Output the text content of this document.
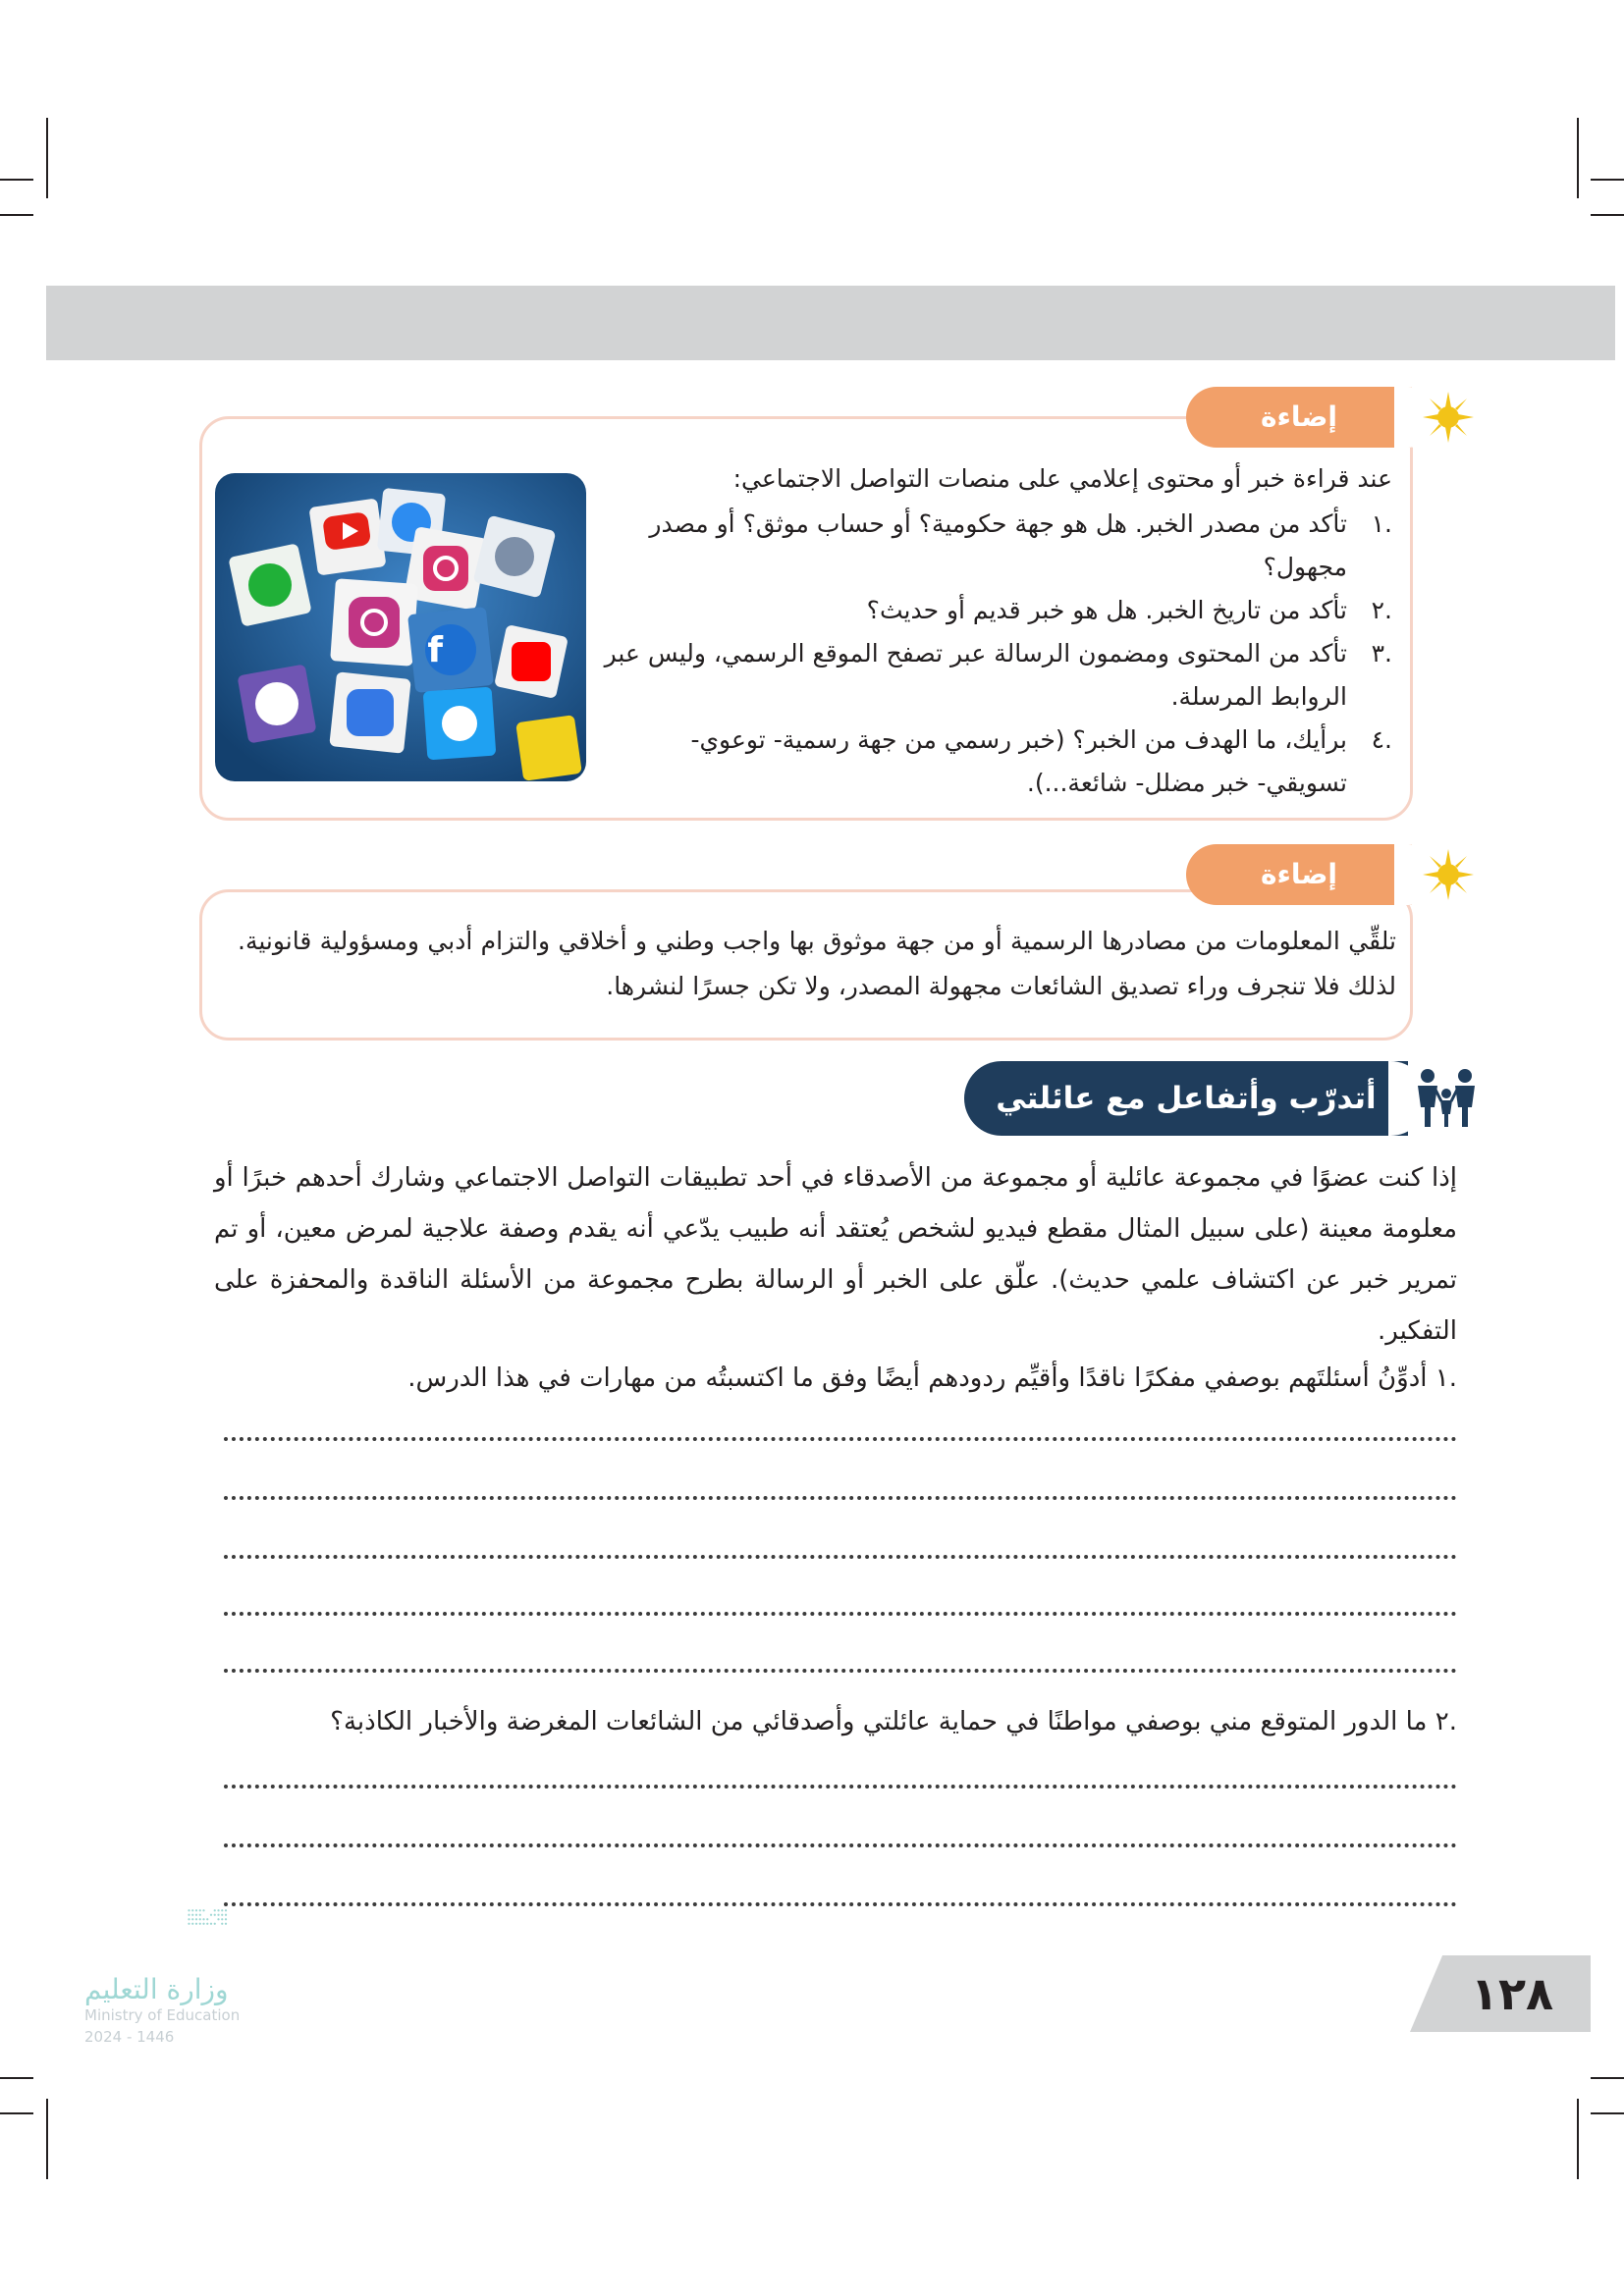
إضاءة
عند قراءة خبر أو محتوى إعلامي على منصات التواصل الاجتماعي:
.١
تأكد من مصدر الخبر. هل هو جهة حكومية؟ أو حساب موثق؟ أو مصدر مجهول؟
.٢
تأكد من تاريخ الخبر. هل هو خبر قديم أو حديث؟
.٣
تأكد من المحتوى ومضمون الرسالة عبر تصفح الموقع الرسمي، وليس عبر الروابط المرسلة.
.٤
برأيك، ما الهدف من الخبر؟ (خبر رسمي من جهة رسمية- توعوي- تسويقي- خبر مضلل- شائعة...).
f
إضاءة
تلقِّي المعلومات من مصادرها الرسمية أو من جهة موثوق بها واجب وطني و أخلاقي والتزام أدبي ومسؤولية قانونية. لذلك فلا تنجرف وراء تصديق الشائعات مجهولة المصدر، ولا تكن جسرًا لنشرها.
أتدرّب وأتفاعل مع عائلتي
إذا كنت عضوًا في مجموعة عائلية أو مجموعة من الأصدقاء في أحد تطبيقات التواصل الاجتماعي وشارك أحدهم خبرًا أو معلومة معينة (على سبيل المثال مقطع فيديو لشخص يُعتقد أنه طبيب يدّعي أنه يقدم وصفة علاجية لمرض معين، أو تم تمرير خبر عن اكتشاف علمي حديث). علّق على الخبر أو الرسالة بطرح مجموعة من الأسئلة الناقدة والمحفزة على التفكير.
.١ أدوِّنُ أسئلتَهم بوصفي مفكرًا ناقدًا وأقيِّم ردودهم أيضًا وفق ما اكتسبتُه من مهارات في هذا الدرس.
.٢ ما الدور المتوقع مني بوصفي مواطنًا في حماية عائلتي وأصدقائي من الشائعات المغرضة والأخبار الكاذبة؟
١٢٨
وزارة التعليم
Ministry of Education
2024 - 1446
